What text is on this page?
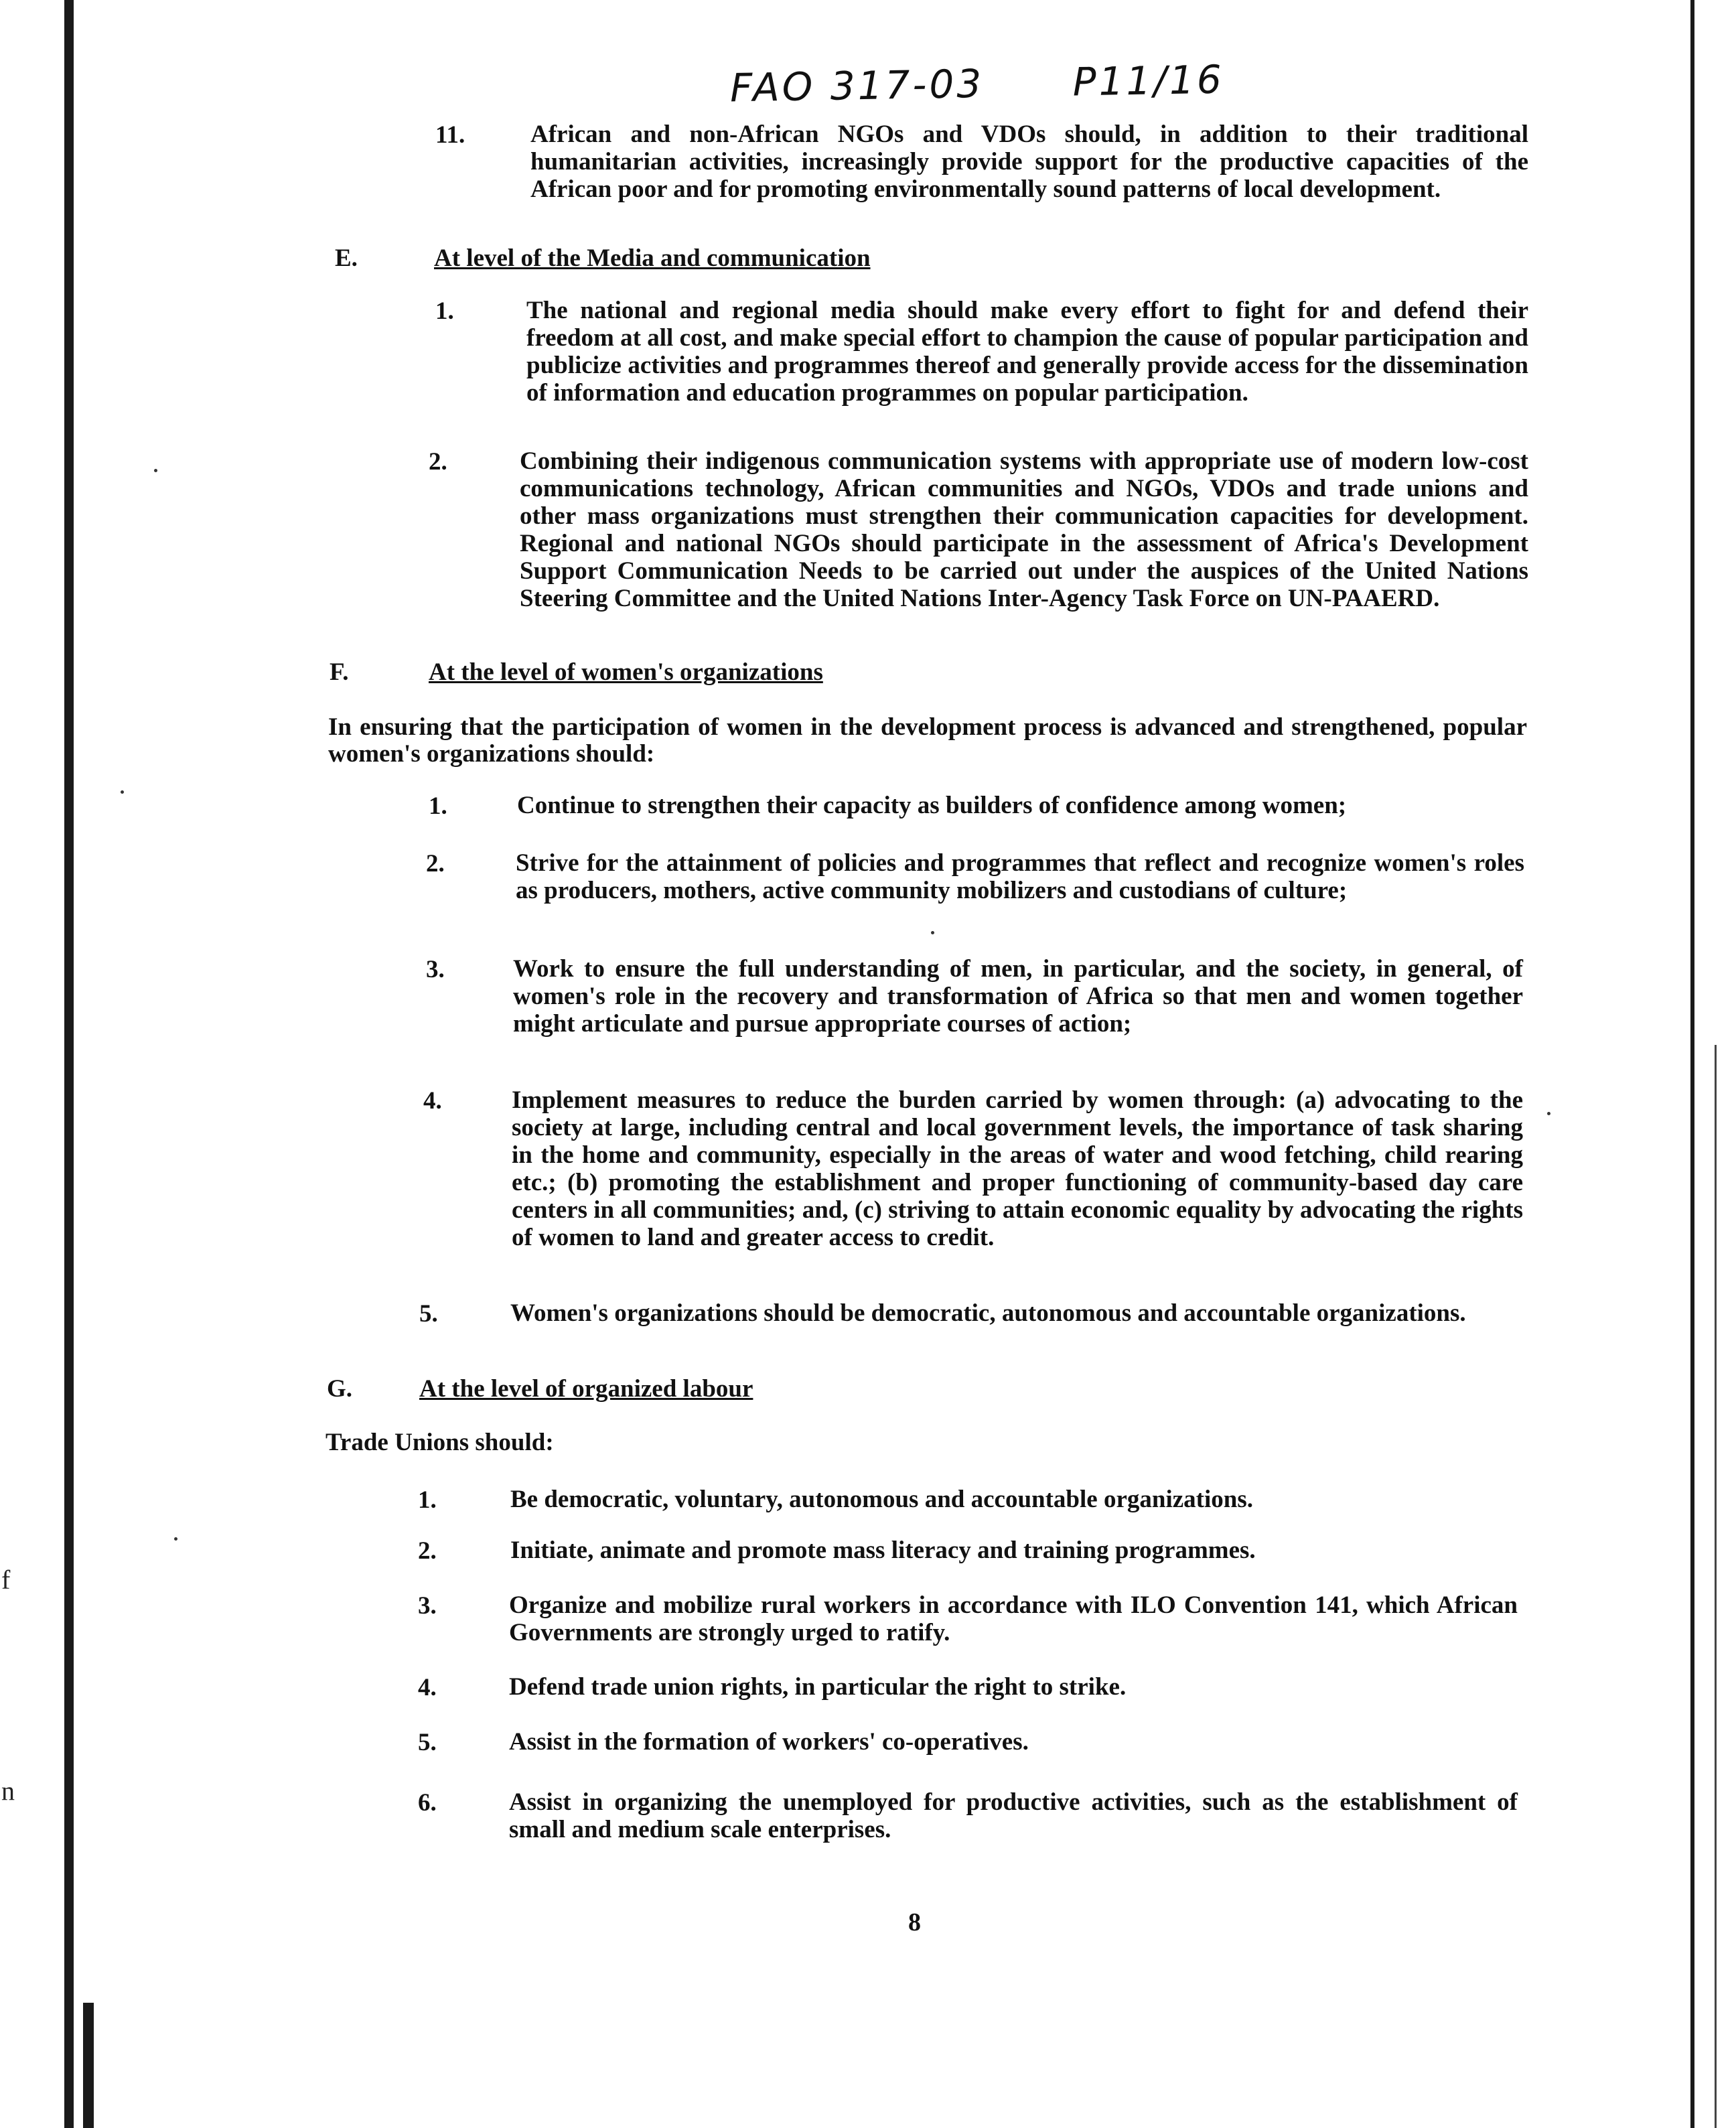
f
n
FAO 317-03 P11/16
11.	African and non-African NGOs and VDOs should, in addition to their traditional humanitarian activities, increasingly provide support for the productive capacities of the African poor and for promoting environmentally sound patterns of local development.
E.	At level of the Media and communication
1.	The national and regional media should make every effort to fight for and defend their freedom at all cost, and make special effort to champion the cause of popular participation and publicize activities and programmes thereof and generally provide access for the dissemination of information and education programmes on popular participation.
2.	Combining their indigenous communication systems with appropriate use of modern low-cost communications technology, African communities and NGOs, VDOs and trade unions and other mass organizations must strengthen their communication capacities for development. Regional and national NGOs should participate in the assessment of Africa's Development Support Communication Needs to be carried out under the auspices of the United Nations Steering Committee and the United Nations Inter-Agency Task Force on UN-PAAERD.
F.	At the level of women's organizations
In ensuring that the participation of women in the development process is advanced and strengthened, popular women's organizations should:
1.	Continue to strengthen their capacity as builders of confidence among women;
2.	Strive for the attainment of policies and programmes that reflect and recognize women's roles as producers, mothers, active community mobilizers and custodians of culture;
3.	Work to ensure the full understanding of men, in particular, and the society, in general, of women's role in the recovery and transformation of Africa so that men and women together might articulate and pursue appropriate courses of action;
4.	Implement measures to reduce the burden carried by women through: (a) advocating to the society at large, including central and local government levels, the importance of task sharing in the home and community, especially in the areas of water and wood fetching, child rearing etc.; (b) promoting the establishment and proper functioning of community-based day care centers in all communities; and, (c) striving to attain economic equality by advocating the rights of women to land and greater access to credit.
5.	Women's organizations should be democratic, autonomous and accountable organizations.
G.	At the level of organized labour
Trade Unions should:
1.	Be democratic, voluntary, autonomous and accountable organizations.
2.	Initiate, animate and promote mass literacy and training programmes.
3.	Organize and mobilize rural workers in accordance with ILO Convention 141, which African Governments are strongly urged to ratify.
4.	Defend trade union rights, in particular the right to strike.
5.	Assist in the formation of workers' co-operatives.
6.	Assist in organizing the unemployed for productive activities, such as the establishment of small and medium scale enterprises.
8
